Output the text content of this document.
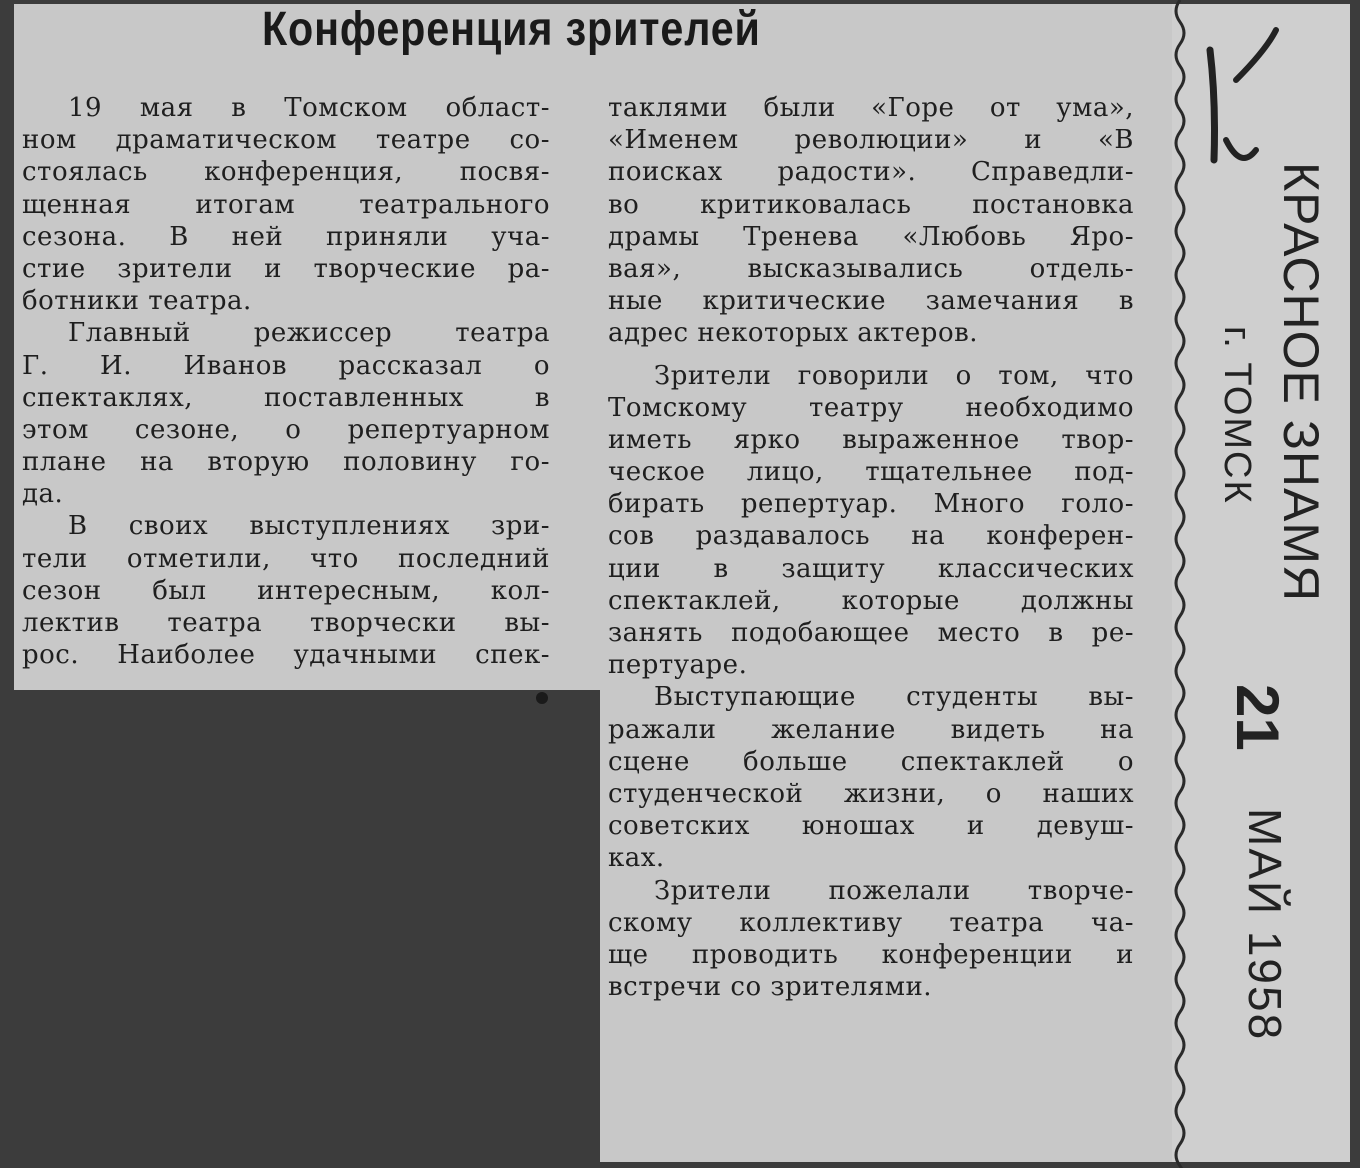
Конференция зрителей
19 мая в Томском област-
ном драматическом театре со-
стоялась конференция, посвя-
щенная итогам театрального
сезона. В ней приняли уча-
стие зрители и творческие ра-
ботники театра.
Главный режиссер театра
Г. И. Иванов рассказал о
спектаклях, поставленных в
этом сезоне, о репертуарном
плане на вторую половину го-
да.
В своих выступлениях зри-
тели отметили, что последний
сезон был интересным, кол-
лектив театра творчески вы-
рос. Наиболее удачными спек-
таклями были «Горе от ума»,
«Именем революции» и «В
поисках радости». Справедли-
во критиковалась постановка
драмы Тренева «Любовь Яро-
вая», высказывались отдель-
ные критические замечания в
адрес некоторых актеров.
Зрители говорили о том, что
Томскому театру необходимо
иметь ярко выраженное твор-
ческое лицо, тщательнее под-
бирать репертуар. Много голо-
сов раздавалось на конферен-
ции в защиту классических
спектаклей, которые должны
занять подобающее место в ре-
пертуаре.
Выступающие студенты вы-
ражали желание видеть на
сцене больше спектаклей о
студенческой жизни, о наших
советских юношах и девуш-
ках.
Зрители пожелали творче-
скому коллективу театра ча-
ще проводить конференции и
встречи со зрителями.
КРАСНОЕ ЗНАМЯ
г. ТОМСК
21
МАЙ 1958
